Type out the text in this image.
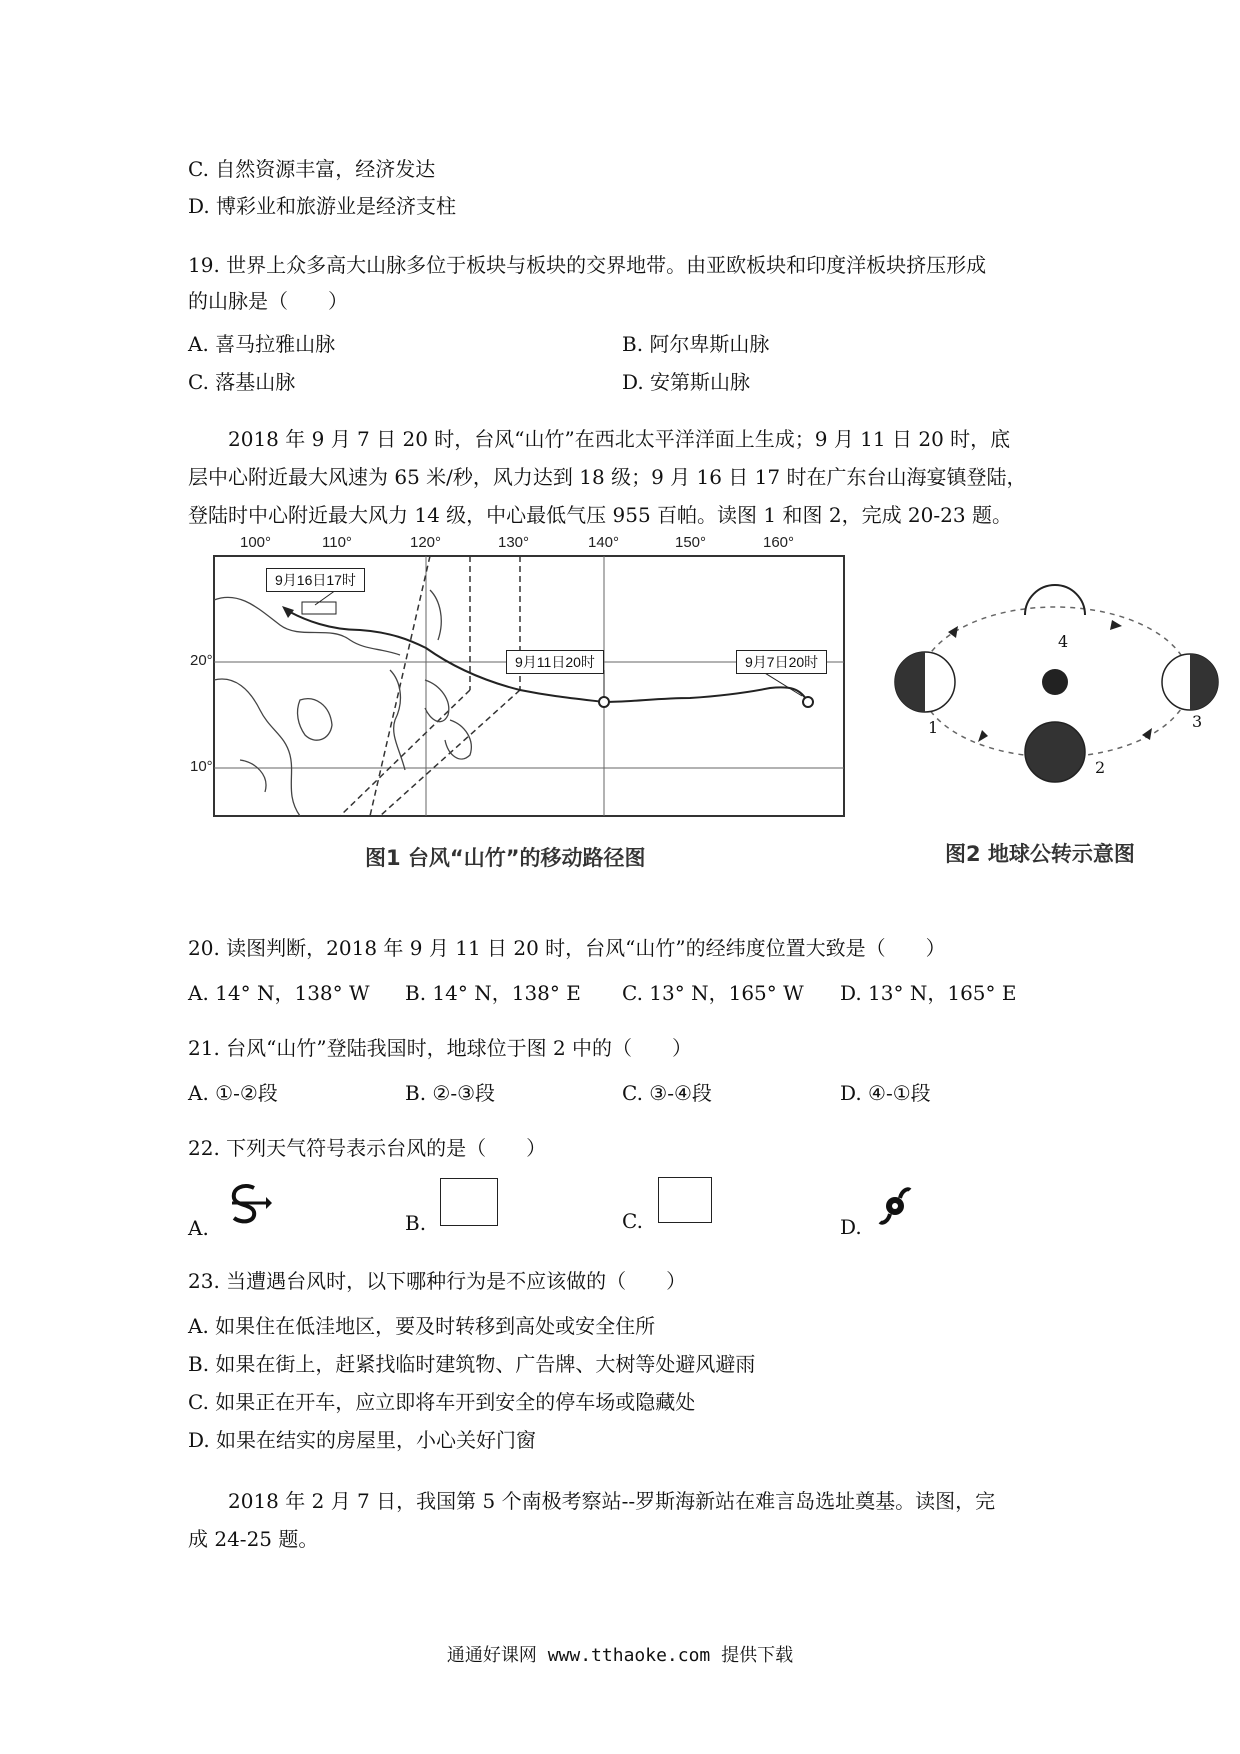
C. 自然资源丰富，经济发达
D. 博彩业和旅游业是经济支柱
19. 世界上众多高大山脉多位于板块与板块的交界地带。由亚欧板块和印度洋板块挤压形成
的山脉是（　　）
A. 喜马拉雅山脉	B. 阿尔卑斯山脉
C. 落基山脉	D. 安第斯山脉
2018 年 9 月 7 日 20 时，台风“山竹”在西北太平洋洋面上生成；9 月 11 日 20 时，底
层中心附近最大风速为 65 米/秒，风力达到 18 级；9 月 16 日 17 时在广东台山海宴镇登陆，
登陆时中心附近最大风力 14 级，中心最低气压 955 百帕。读图 1 和图 2，完成 20-23 题。
100°	110°	120°	130°	140°	150°	160°
20°
10°
9月16日17时
9月11日20时	9月7日20时
图1 台风“山竹”的移动路径图
1
2
3
4
图2 地球公转示意图
20. 读图判断，2018 年 9 月 11 日 20 时，台风“山竹”的经纬度位置大致是（　　）
A. 14° N，138° W B. 14° N，138° E C. 13° N，165° W D. 13° N，165° E
21. 台风“山竹”登陆我国时，地球位于图 2 中的（　　）
A. ①-②段	B. ②-③段	C. ③-④段	D. ④-①段
22. 下列天气符号表示台风的是（　　）
A.	B.	C.	D.
23. 当遭遇台风时，以下哪种行为是不应该做的（　　）
A. 如果住在低洼地区，要及时转移到高处或安全住所
B. 如果在街上，赶紧找临时建筑物、广告牌、大树等处避风避雨
C. 如果正在开车，应立即将车开到安全的停车场或隐藏处
D. 如果在结实的房屋里，小心关好门窗
2018 年 2 月 7 日，我国第 5 个南极考察站--罗斯海新站在难言岛选址奠基。读图，完
成 24-25 题。
通通好课网 www.tthaoke.com 提供下载
